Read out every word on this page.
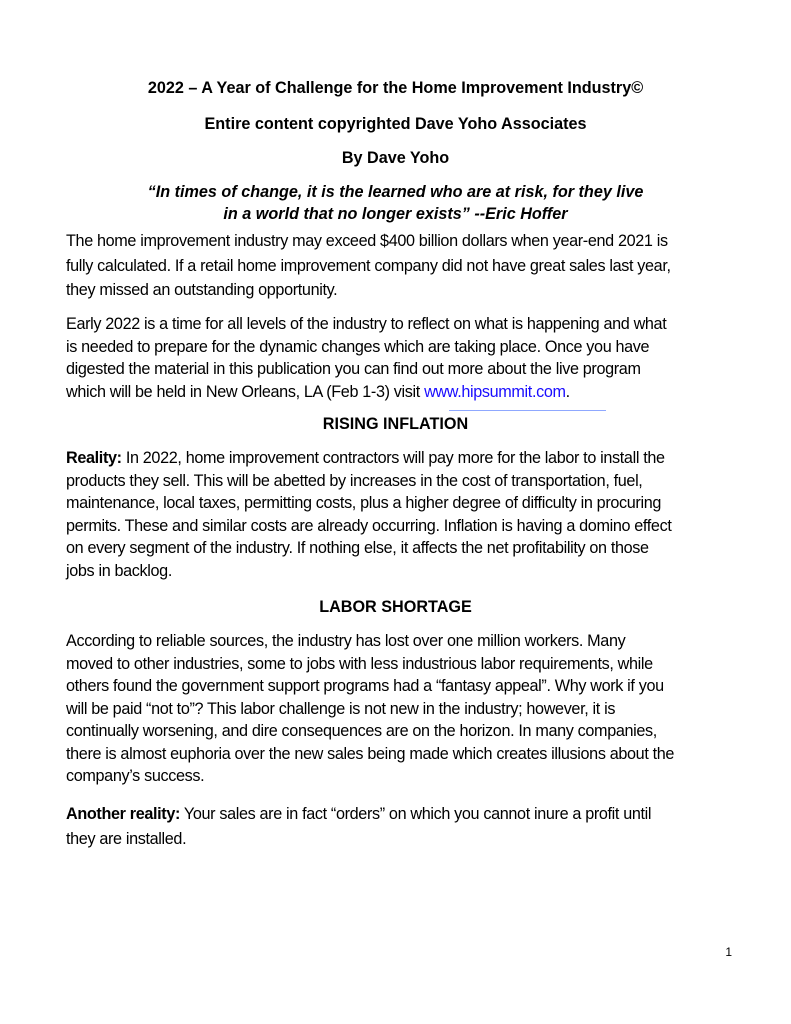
2022 – A Year of Challenge for the Home Improvement Industry©
Entire content copyrighted Dave Yoho Associates
By Dave Yoho
“In times of change, it is the learned who are at risk, for they live
in a world that no longer exists” --Eric Hoffer
The home improvement industry may exceed $400 billion dollars when year-end 2021 is
fully calculated. If a retail home improvement company did not have great sales last year,
they missed an outstanding opportunity.
Early 2022 is a time for all levels of the industry to reflect on what is happening and what
is needed to prepare for the dynamic changes which are taking place. Once you have
digested the material in this publication you can find out more about the live program
which will be held in New Orleans, LA (Feb 1-3) visit www.hipsummit.com.
RISING INFLATION
Reality: In 2022, home improvement contractors will pay more for the labor to install the
products they sell. This will be abetted by increases in the cost of transportation, fuel,
maintenance, local taxes, permitting costs, plus a higher degree of difficulty in procuring
permits. These and similar costs are already occurring. Inflation is having a domino effect
on every segment of the industry. If nothing else, it affects the net profitability on those
jobs in backlog.
LABOR SHORTAGE
According to reliable sources, the industry has lost over one million workers. Many
moved to other industries, some to jobs with less industrious labor requirements, while
others found the government support programs had a “fantasy appeal”. Why work if you
will be paid “not to”? This labor challenge is not new in the industry; however, it is
continually worsening, and dire consequences are on the horizon. In many companies,
there is almost euphoria over the new sales being made which creates illusions about the
company’s success.
Another reality: Your sales are in fact “orders” on which you cannot inure a profit until
they are installed.
1
